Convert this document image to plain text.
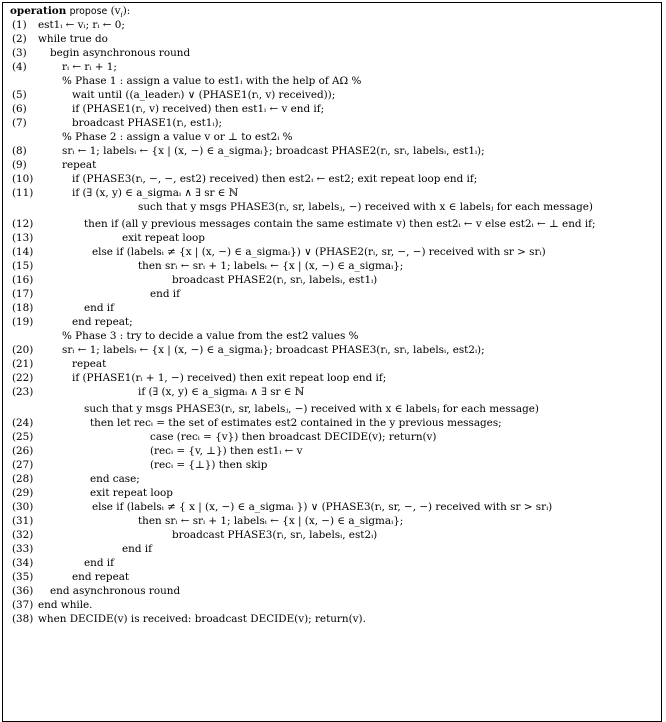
operation propose $(v_i)$:
(1)	est1ᵢ ← vᵢ; rᵢ ← 0;
(2)	while true do
(3)	begin asynchronous round
(4)	rᵢ ← rᵢ + 1;
% Phase 1 : assign a value to est1ᵢ with the help of AΩ %
(5)	wait until ((a_leaderᵢ) ∨ (PHASE1(rᵢ, v) received));
(6)	if (PHASE1(rᵢ, v) received) then est1ᵢ ← v end if;
(7)	broadcast PHASE1(rᵢ, est1ᵢ);
% Phase 2 : assign a value v or ⊥ to est2ᵢ %
(8)	srᵢ ← 1; labelsᵢ ← {x | (x, −) ∈ a_sigmaᵢ}; broadcast PHASE2(rᵢ, srᵢ, labelsᵢ, est1ᵢ);
(9)	repeat
(10)	if (PHASE3(rᵢ, −, −, est2) received) then est2ᵢ ← est2; exit repeat loop end if;
(11)	if (∃ (x, y) ∈ a_sigmaᵢ ∧ ∃ sr ∈ ℕ
such that y msgs PHASE3(rᵢ, sr, labelsⱼ, −) received with x ∈ labelsⱼ for each message)
(12)	then if (all y previous messages contain the same estimate v) then est2ᵢ ← v else est2ᵢ ← ⊥ end if;
(13)	exit repeat loop
(14)	else if (labelsᵢ ≠ {x | (x, −) ∈ a_sigmaᵢ}) ∨ (PHASE2(rᵢ, sr, −, −) received with sr > srᵢ)
(15)	then srᵢ ← srᵢ + 1; labelsᵢ ← {x | (x, −) ∈ a_sigmaᵢ};
(16)	broadcast PHASE2(rᵢ, srᵢ, labelsᵢ, est1ᵢ)
(17)	end if
(18)	end if
(19)	end repeat;
% Phase 3 : try to decide a value from the est2 values %
(20)	srᵢ ← 1; labelsᵢ ← {x | (x, −) ∈ a_sigmaᵢ}; broadcast PHASE3(rᵢ, srᵢ, labelsᵢ, est2ᵢ);
(21)	repeat
(22)	if (PHASE1(rᵢ + 1, −) received) then exit repeat loop end if;
(23)	if (∃ (x, y) ∈ a_sigmaᵢ ∧ ∃ sr ∈ ℕ
such that y msgs PHASE3(rᵢ, sr, labelsⱼ, −) received with x ∈ labelsⱼ for each message)
(24)	then let recᵢ = the set of estimates est2 contained in the y previous messages;
(25)	case (recᵢ = {v}) then broadcast DECIDE(v); return(v)
(26)	(recᵢ = {v, ⊥}) then est1ᵢ ← v
(27)	(recᵢ = {⊥}) then skip
(28)	end case;
(29)	exit repeat loop
(30)	else if (labelsᵢ ≠ { x | (x, −) ∈ a_sigmaᵢ }) ∨ (PHASE3(rᵢ, sr, −, −) received with sr > srᵢ)
(31)	then srᵢ ← srᵢ + 1; labelsᵢ ← {x | (x, −) ∈ a_sigmaᵢ};
(32)	broadcast PHASE3(rᵢ, srᵢ, labelsᵢ, est2ᵢ)
(33)	end if
(34)	end if
(35)	end repeat
(36)	end asynchronous round
(37) end while.
(38) when DECIDE(v) is received: broadcast DECIDE(v); return(v).
